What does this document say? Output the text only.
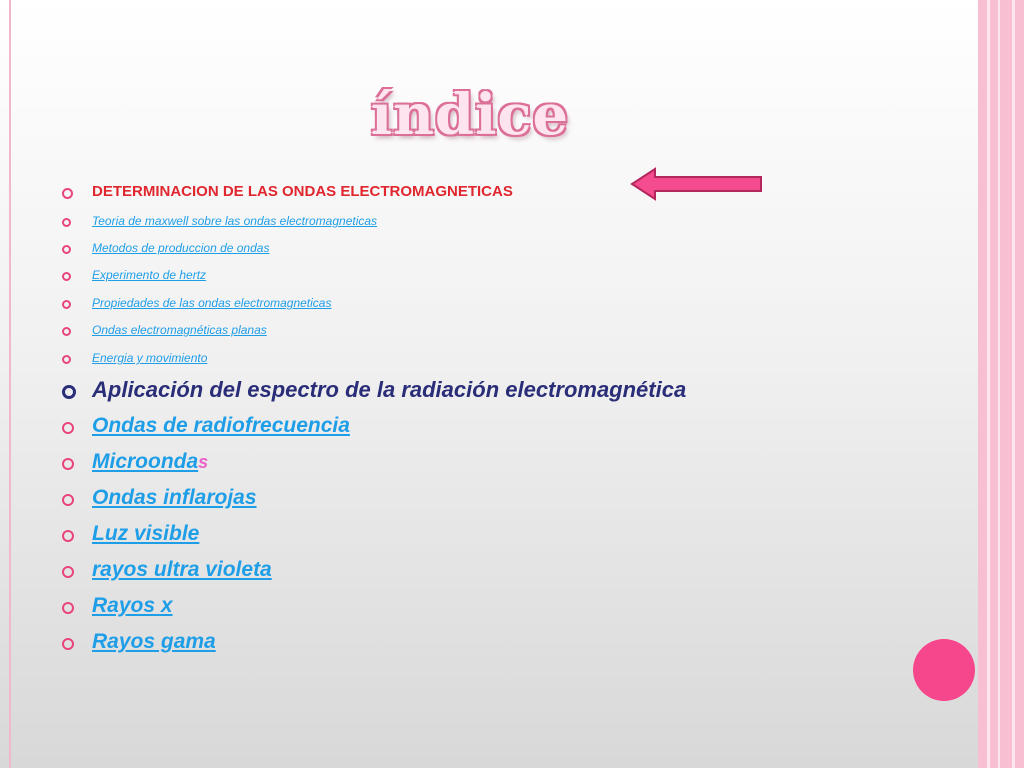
índice
DETERMINACION DE LAS ONDAS ELECTROMAGNETICAS
Teoria de maxwell sobre las ondas electromagneticas
Metodos de produccion de ondas
Experimento de hertz
Propiedades de las ondas electromagneticas
Ondas electromagnéticas planas
Energia y movimiento
Aplicación del espectro de la radiación electromagnética
Ondas de radiofrecuencia
Microondas
Ondas inflarojas
Luz visible
rayos ultra violeta
Rayos x
Rayos gama
